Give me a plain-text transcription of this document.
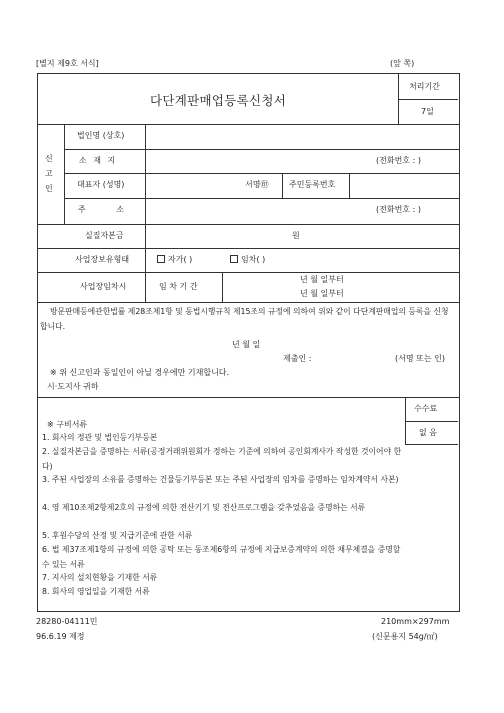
[별지 제9호 서식]	(앞 쪽)
다단계판매업등록신청서
처리기간
7일
신
고
인
법인명 (상호)
소 재 지	(전화번호 : )
대표자 (성명)	서명㊞	주민등록번호
주 소	(전화번호 : )
실질자본금	원
사업장보유형태	자가( )	임차( )
사업장임차시	임 차 기 간
년 월 일부터
년 월 일부터
방문판매등에관한법률 제28조제1항 및 동법시행규칙 제15조의 규정에 의하여 위와 같이 다단계판매업의 등록을 신청합니다.
년 월 일
제출인 :	(서명 또는 인)
※ 위 신고인과 동일인이 아닐 경우에만 기재합니다.
시·도지사 귀하
수수료
없 음
※ 구비서류
1. 회사의 정관 및 법인등기부등본
2. 실질자본금을 증명하는 서류(공정거래위원회가 정하는 기준에 의하여 공인회계사가 작성한 것이어야 한다)
3. 주된 사업장의 소유를 증명하는 건물등기부등본 또는 주된 사업장의 임차를 증명하는 임차계약서 사본)
4. 영 제10조제2항제2호의 규정에 의한 전산기기 및 전산프로그램을 갖추었음을 증명하는 서류
5. 후원수당의 산정 및 지급기준에 관한 서류
6. 법 제37조제1항의 규정에 의한 공탁 또는 동조제6항의 규정에 지급보증계약의 의한 채무체결을 증명할 수 있는 서류
7. 지사의 설치현황을 기재한 서류
8. 회사의 영업일을 기재한 서류
28280-04111민	210mm×297mm
96.6.19 제정	(신문용지 54g/㎡)
